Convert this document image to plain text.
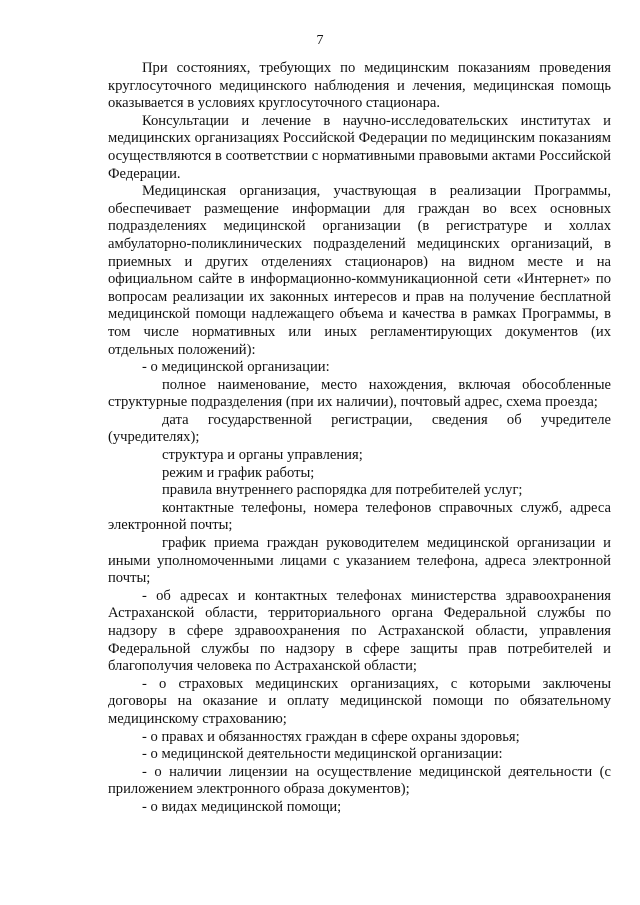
7

При состояниях, требующих по медицинским показаниям проведения круглосуточного медицинского наблюдения и лечения, медицинская помощь оказывается в условиях круглосуточного стационара.

Консультации и лечение в научно-исследовательских институтах и медицинских организациях Российской Федерации по медицинским показаниям осуществляются в соответствии с нормативными правовыми актами Российской Федерации.

Медицинская организация, участвующая в реализации Программы, обеспечивает размещение информации для граждан во всех основных подразделениях медицинской организации (в регистратуре и холлах амбулаторно-поликлинических подразделений медицинских организаций, в приемных и других отделениях стационаров) на видном месте и на официальном сайте в информационно-коммуникационной сети «Интернет» по вопросам реализации их законных интересов и прав на получение бесплатной медицинской помощи надлежащего объема и качества в рамках Программы, в том числе нормативных или иных регламентирующих документов (их отдельных положений):

- о медицинской организации:

полное наименование, место нахождения, включая обособленные структурные подразделения (при их наличии), почтовый адрес, схема проезда;

дата государственной регистрации, сведения об учредителе (учредителях);

структура и органы управления;

режим и график работы;

правила внутреннего распорядка для потребителей услуг;

контактные телефоны, номера телефонов справочных служб, адреса электронной почты;

график приема граждан руководителем медицинской организации и иными уполномоченными лицами с указанием телефона, адреса электронной почты;

- об адресах и контактных телефонах министерства здравоохранения Астраханской области, территориального органа Федеральной службы по надзору в сфере здравоохранения по Астраханской области, управления Федеральной службы по надзору в сфере защиты прав потребителей и благополучия человека по Астраханской области;

- о страховых медицинских организациях, с которыми заключены договоры на оказание и оплату медицинской помощи по обязательному медицинскому страхованию;

- о правах и обязанностях граждан в сфере охраны здоровья;

- о медицинской деятельности медицинской организации:

- о наличии лицензии на осуществление медицинской деятельности (с приложением электронного образа документов);

- о видах медицинской помощи;
